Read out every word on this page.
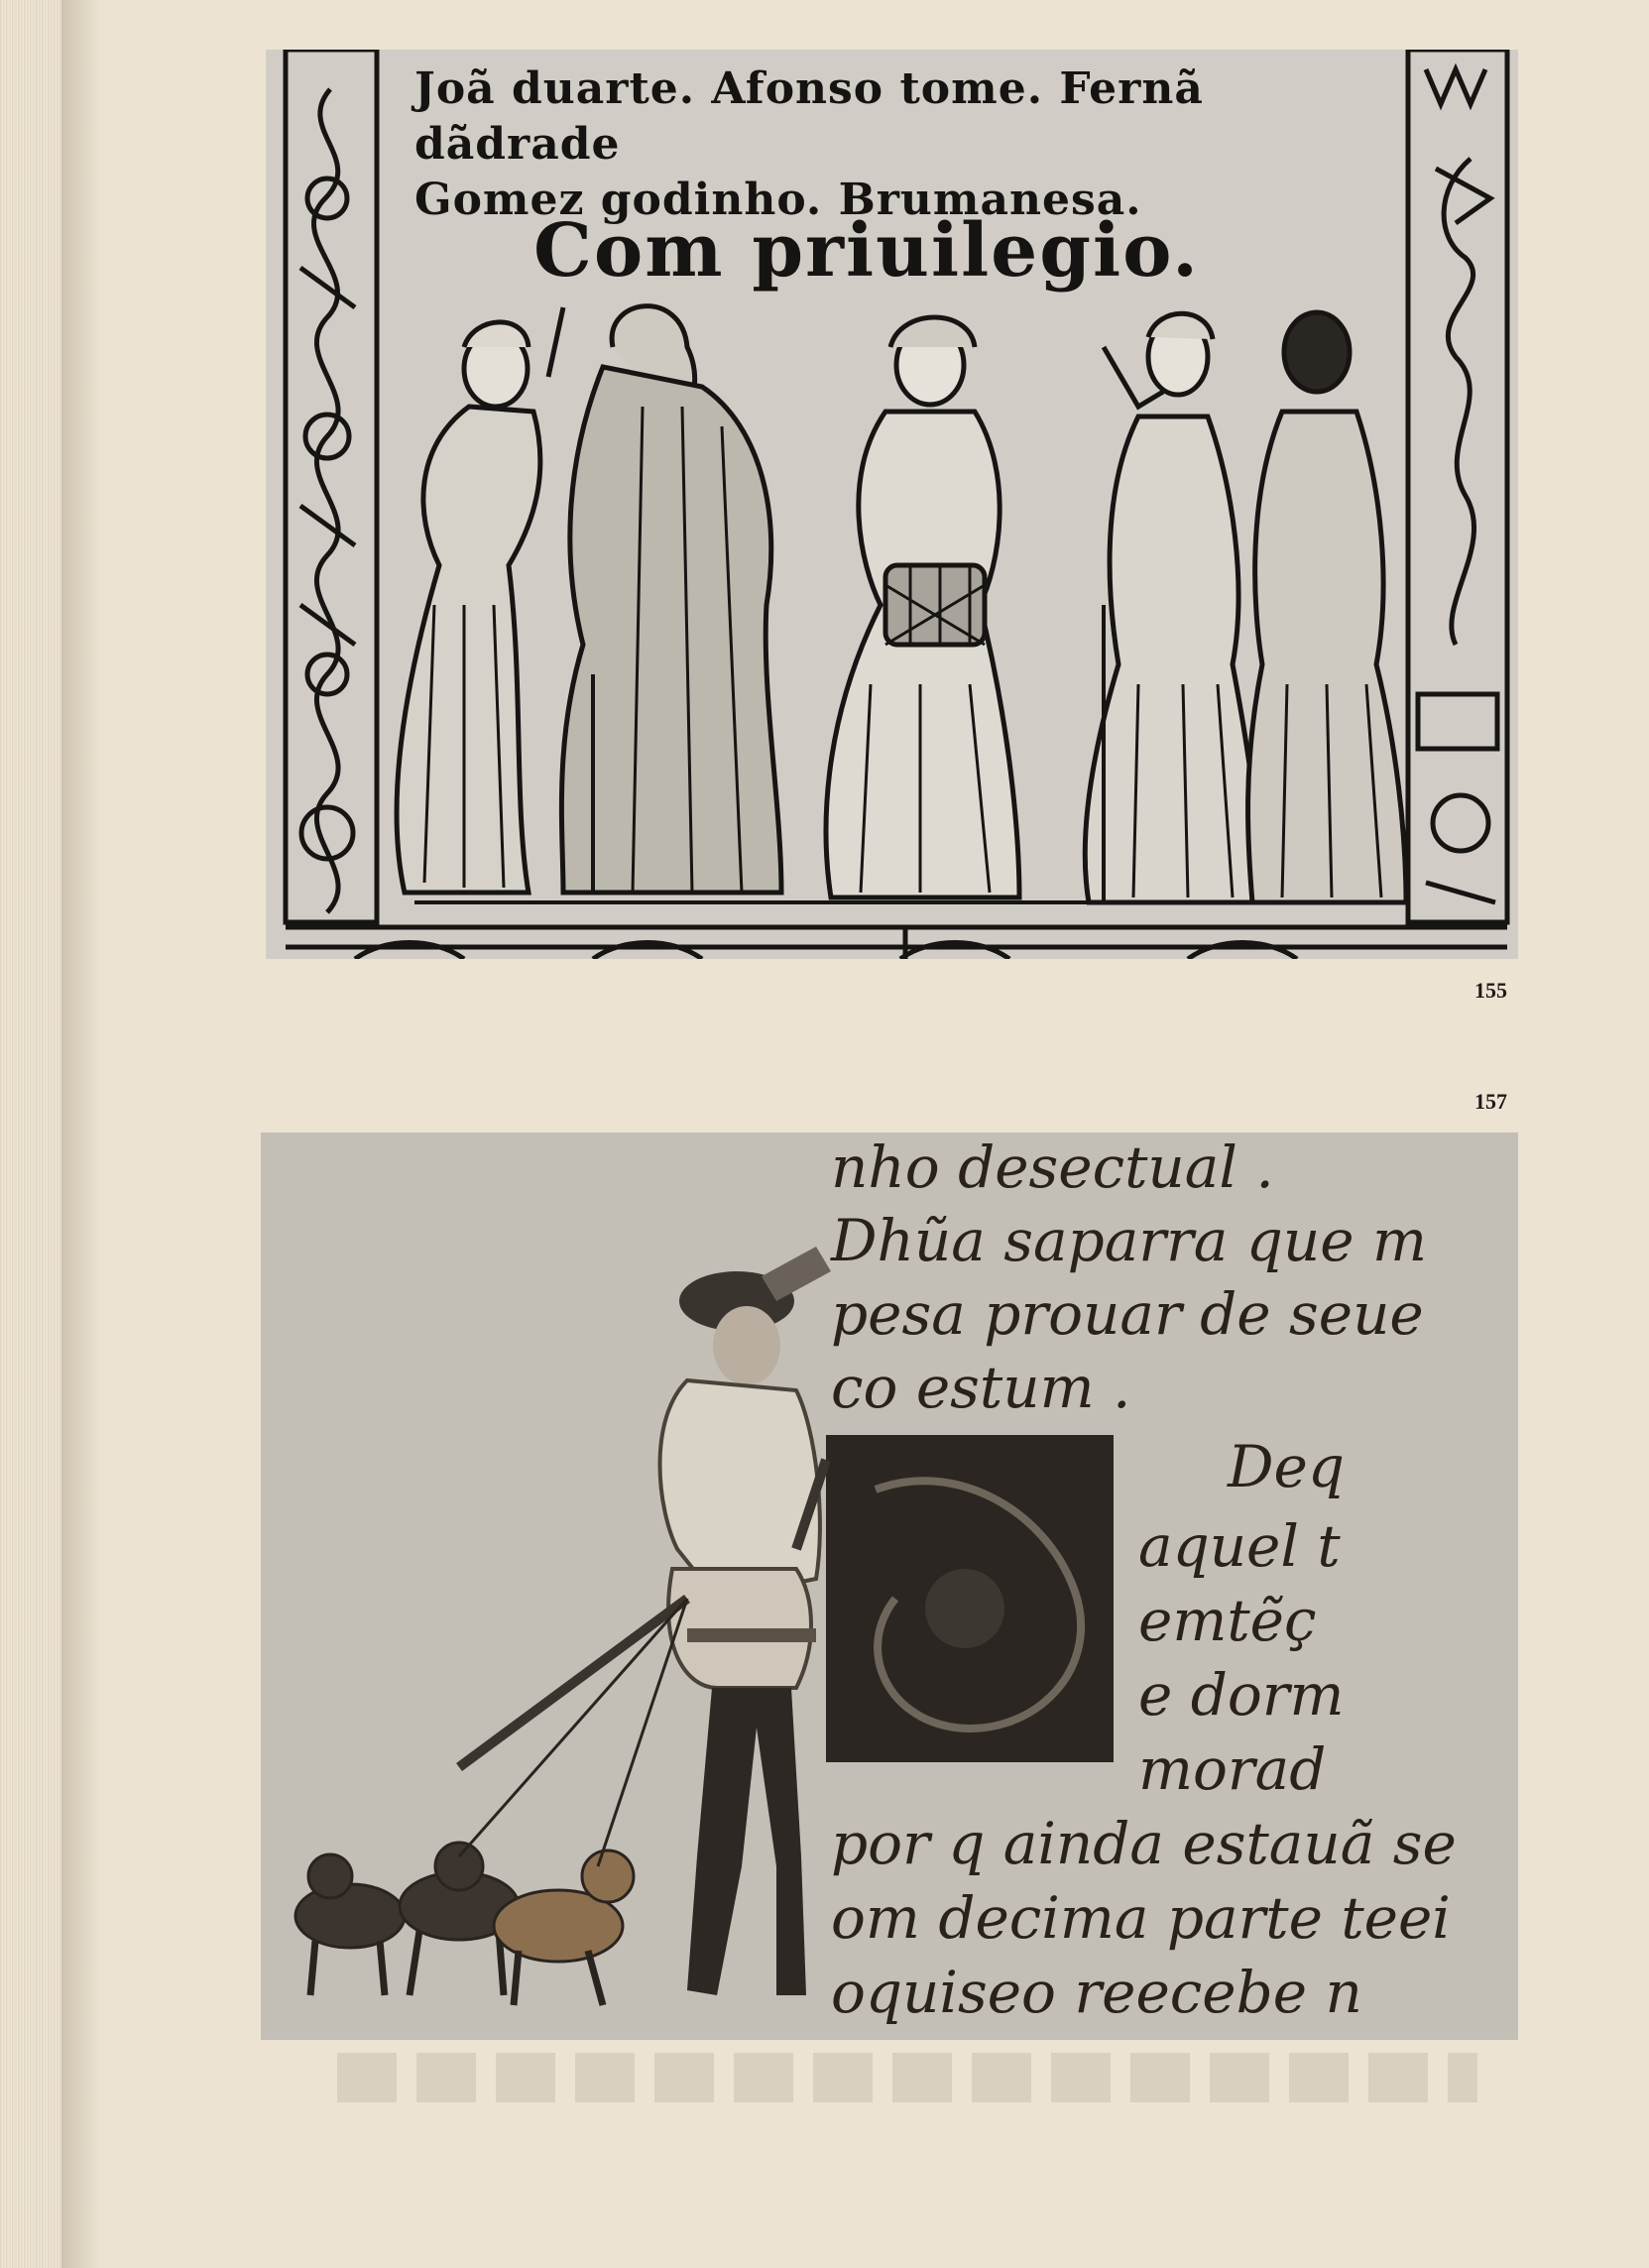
Joã duarte. Afonso tome. Fernã dãdrade
Gomez godinho. Brumanesa.
Com priuilegio.
155
157
nho desectual .
Dhũa saparra que m
pesa prouar de seue
co estum .
Deq
aquel t
emtẽç
e dorm
morad
por q ainda estauã se
om decima parte teei
oquiseo reecebe n
